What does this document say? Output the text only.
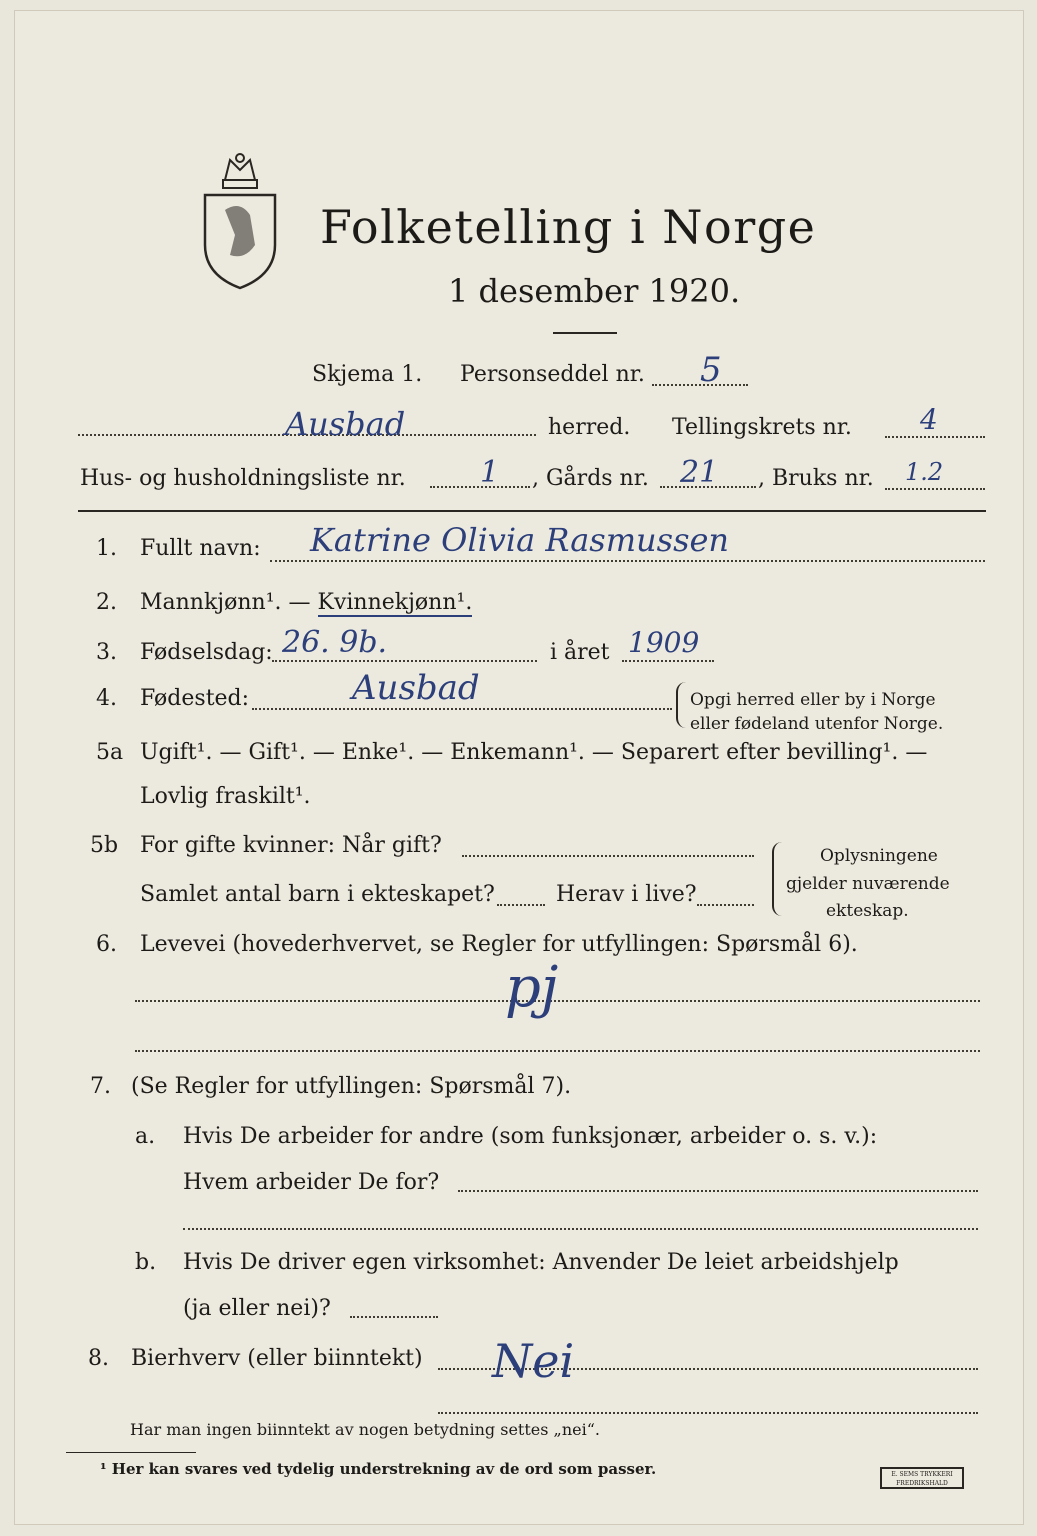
Folketelling i Norge
1 desember 1920.
Skjema 1. Personseddel nr. 5
Ausbad	herred. Tellingskrets nr. 4
Hus- og husholdningsliste nr. 1 , Gårds nr. 21 , Bruks nr. 1.2
1. Fullt navn: Katrine Olivia Rasmussen
2. Mannkjønn¹. — Kvinnekjønn¹.
3. Fødselsdag: 26. 9b.	i året 1909
4. Fødested:	Ausbad	Opgi herred eller by i Norge
eller fødeland utenfor Norge.
5a Ugift¹. — Gift¹. — Enke¹. — Enkemann¹. — Separert efter bevilling¹. —
Lovlig fraskilt¹.
5b For gifte kvinner: Når gift?
Samlet antal barn i ekteskapet?	Herav i live?
Oplysningene
gjelder nuværende
ekteskap.
6. Levevei (hovederhvervet, se Regler for utfyllingen: Spørsmål 6).
pj
7. (Se Regler for utfyllingen: Spørsmål 7).
a. Hvis De arbeider for andre (som funksjonær, arbeider o. s. v.):
Hvem arbeider De for?
b. Hvis De driver egen virksomhet: Anvender De leiet arbeidshjelp
(ja eller nei)?
8. Bierhverv (eller biinntekt) Nei
Har man ingen biinntekt av nogen betydning settes „nei“.
¹ Her kan svares ved tydelig understrekning av de ord som passer.	E. SEMS TRYKKERI FREDRIKSHALD
